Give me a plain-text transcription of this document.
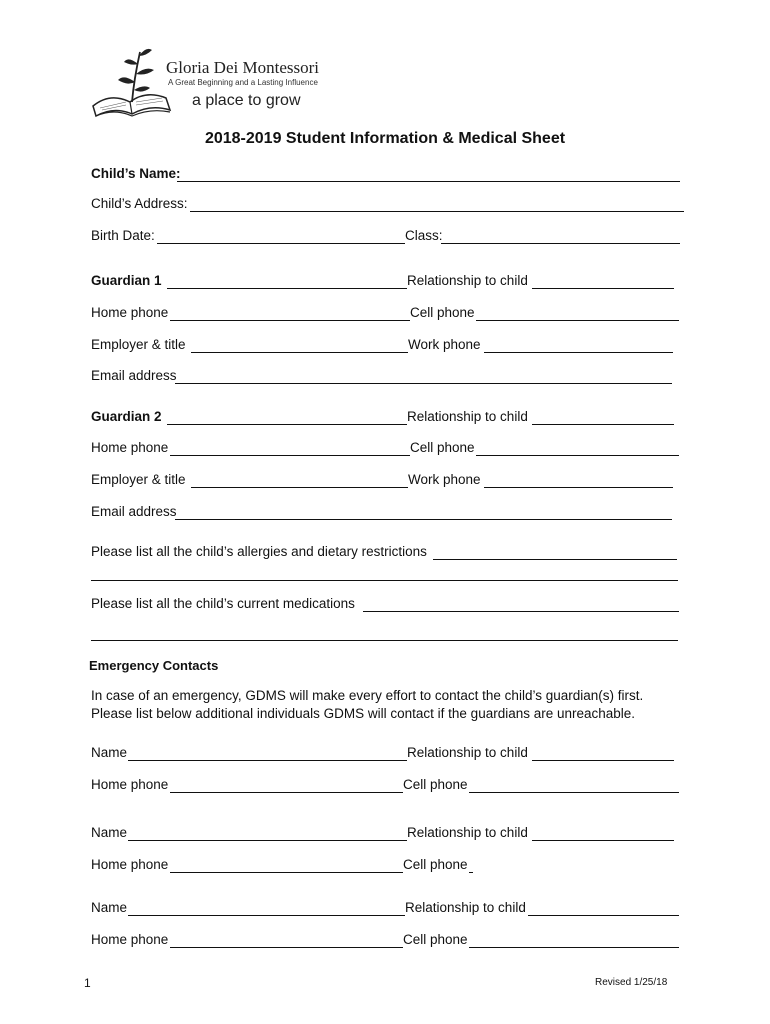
Gloria Dei Montessori
A Great Beginning and a Lasting Influence
a place to grow
2018-2019 Student Information & Medical Sheet
Child’s Name:
Child’s Address:
Birth Date:	Class:
Guardian 1	Relationship to child
Home phone	Cell phone
Employer & title	Work phone
Email address
Guardian 2	Relationship to child
Home phone	Cell phone
Employer & title	Work phone
Email address
Please list all the child’s allergies and dietary restrictions
Please list all the child’s current medications
Emergency Contacts
In case of an emergency, GDMS will make every effort to contact the child’s guardian(s) first.
Please list below additional individuals GDMS will contact if the guardians are unreachable.
Name	Relationship to child
Home phone	Cell phone
Name	Relationship to child
Home phone	Cell phone
Name	Relationship to child
Home phone	Cell phone
1	Revised 1/25/18
